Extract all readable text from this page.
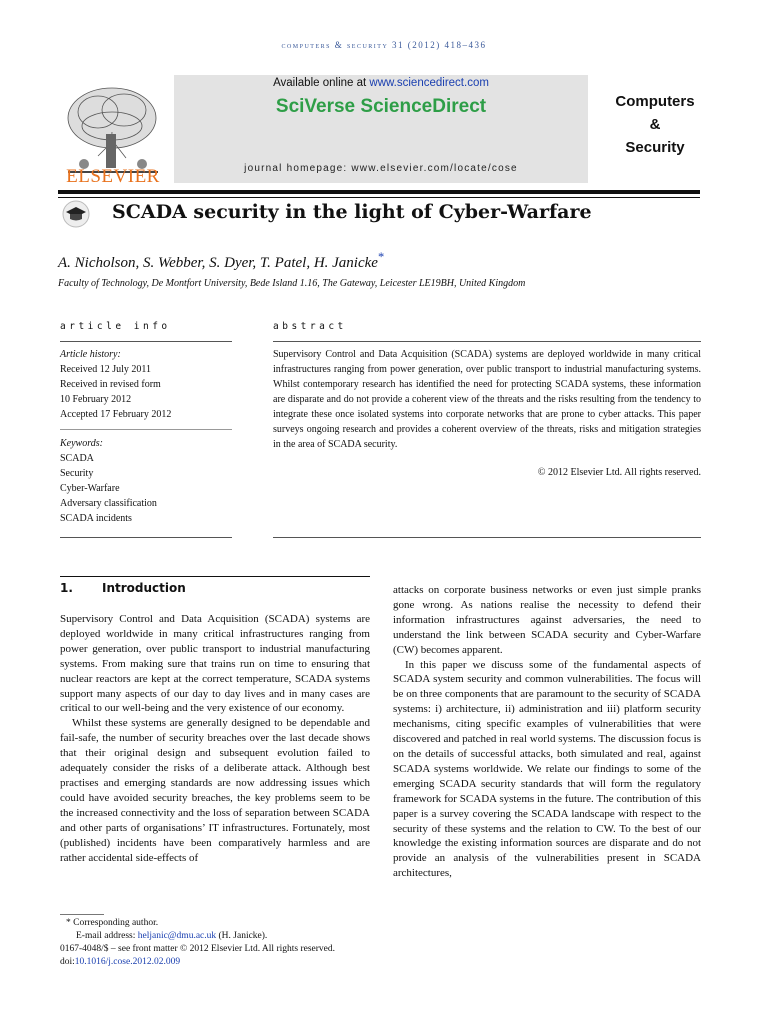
computers & security 31 (2012) 418–436
ELSEVIER
Available online at www.sciencedirect.com
SciVerse ScienceDirect
journal homepage: www.elsevier.com/locate/cose
Computers
&
Security
SCADA security in the light of Cyber-Warfare
A. Nicholson, S. Webber, S. Dyer, T. Patel, H. Janicke*
Faculty of Technology, De Montfort University, Bede Island 1.16, The Gateway, Leicester LE19BH, United Kingdom
article info
Article history:
Received 12 July 2011
Received in revised form
10 February 2012
Accepted 17 February 2012
Keywords:
SCADA
Security
Cyber-Warfare
Adversary classification
SCADA incidents
abstract
Supervisory Control and Data Acquisition (SCADA) systems are deployed worldwide in many critical infrastructures ranging from power generation, over public transport to industrial manufacturing systems. Whilst contemporary research has identified the need for protecting SCADA systems, these information are disparate and do not provide a coherent view of the threats and the risks resulting from the tendency to integrate these once isolated systems into corporate networks that are prone to cyber attacks. This paper surveys ongoing research and provides a coherent overview of the threats, risks and mitigation strategies in the area of SCADA security.
© 2012 Elsevier Ltd. All rights reserved.
1. Introduction

Supervisory Control and Data Acquisition (SCADA) systems are deployed worldwide in many critical infrastructures ranging from power generation, over public transport to industrial manufacturing systems. From making sure that trains run on time to ensuring that nuclear reactors are kept at the correct temperature, SCADA systems support many aspects of our day to day lives and in many cases are critical to our well-being and the very existence of our economy.

Whilst these systems are generally designed to be dependable and fail-safe, the number of security breaches over the last decade shows that their original design and subsequent evolution failed to adequately consider the risks of a deliberate attack. Although best practises and emerging standards are now addressing issues which could have avoided security breaches, the key problems seem to be the increased connectivity and the loss of separation between SCADA and other parts of organisations’ IT infrastructures. Fortunately, most (published) incidents have been comparatively harmless and are rather accidental side-effects of

attacks on corporate business networks or even just simple pranks gone wrong. As nations realise the necessity to defend their information infrastructures against adversaries, the need to understand the link between SCADA security and Cyber-Warfare (CW) becomes apparent.

In this paper we discuss some of the fundamental aspects of SCADA system security and common vulnerabilities. The focus will be on three components that are paramount to the security of SCADA systems: i) architecture, ii) administration and iii) platform security mechanisms, citing specific examples of vulnerabilities that were discovered and patched in real world systems. The discussion focus is on the details of successful attacks, both simulated and real, against SCADA systems worldwide. We relate our findings to some of the emerging SCADA security standards that will form the regulatory framework for SCADA systems in the future. The contribution of this paper is a survey covering the SCADA landscape with respect to the security of these systems and the relation to CW. To the best of our knowledge the existing information sources are disparate and do not provide an analysis of the vulnerabilities present in SCADA architectures,

* Corresponding author.
E-mail address: heljanic@dmu.ac.uk (H. Janicke).
0167-4048/$ – see front matter © 2012 Elsevier Ltd. All rights reserved.
doi:10.1016/j.cose.2012.02.009
